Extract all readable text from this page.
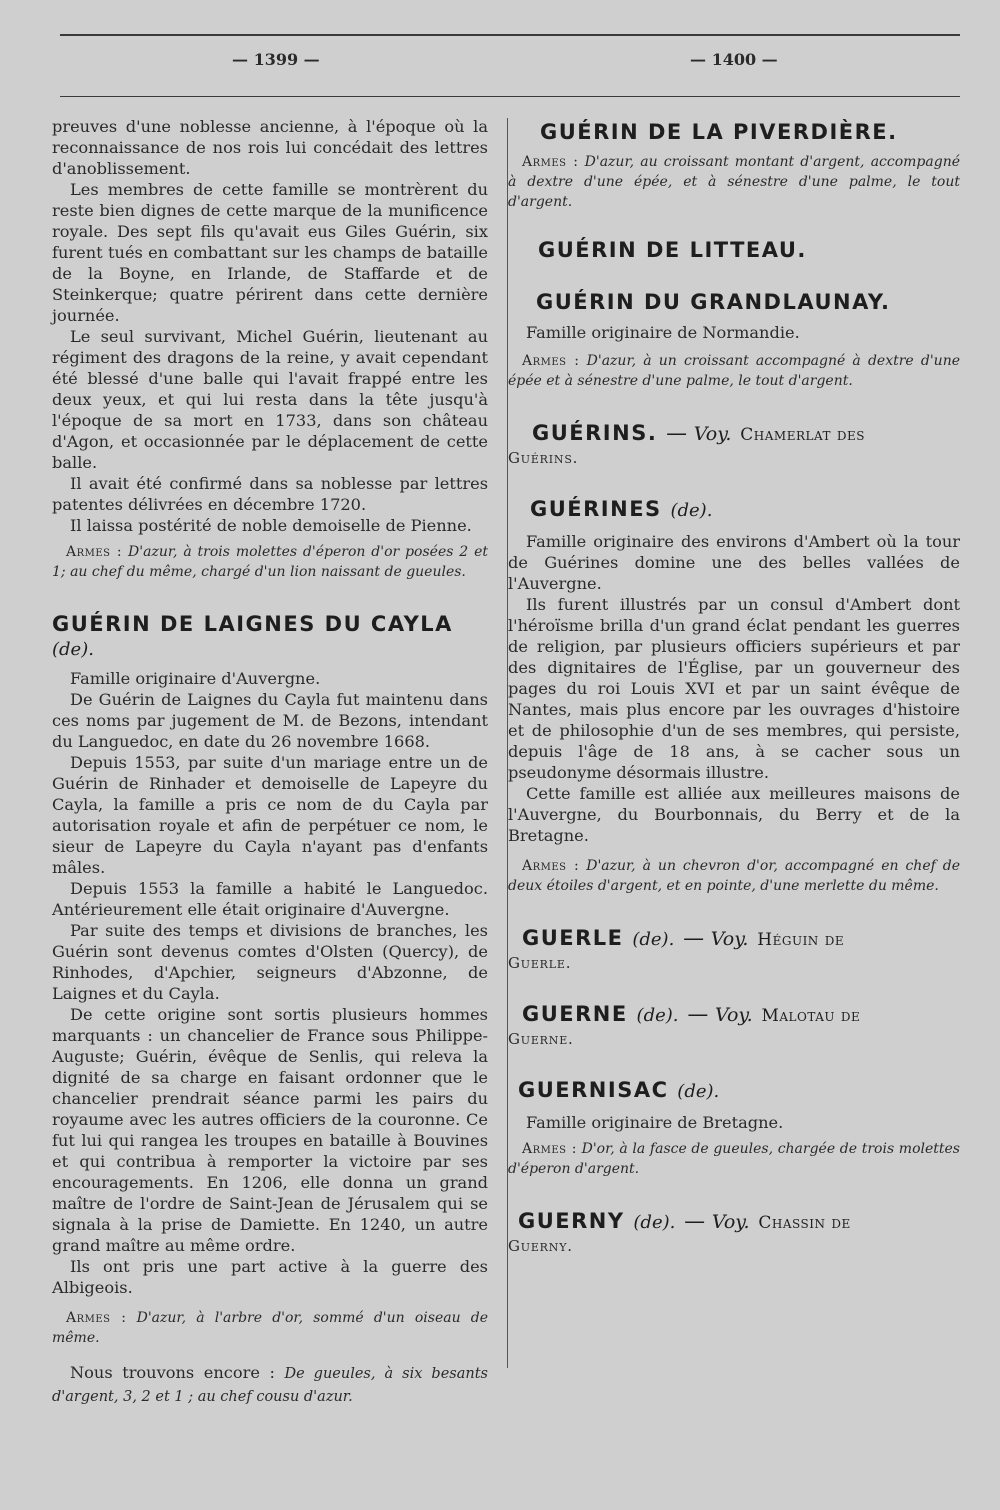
— 1399 —	— 1400 —

preuves d'une noblesse ancienne, à l'époque où la reconnaissance de nos rois lui concédait des lettres d'anoblissement.

Les membres de cette famille se montrèrent du reste bien dignes de cette marque de la munificence royale. Des sept fils qu'avait eus Giles Guérin, six furent tués en combattant sur les champs de bataille de la Boyne, en Irlande, de Staffarde et de Steinkerque; quatre périrent dans cette dernière journée.

Le seul survivant, Michel Guérin, lieutenant au régiment des dragons de la reine, y avait cependant été blessé d'une balle qui l'avait frappé entre les deux yeux, et qui lui resta dans la tête jusqu'à l'époque de sa mort en 1733, dans son château d'Agon, et occasionnée par le déplacement de cette balle.

Il avait été confirmé dans sa noblesse par lettres patentes délivrées en décembre 1720.

Il laissa postérité de noble demoiselle de Pienne.

Armes : D'azur, à trois molettes d'éperon d'or posées 2 et 1; au chef du même, chargé d'un lion naissant de gueules.
GUÉRIN DE LAIGNES DU CAYLA (de).

Famille originaire d'Auvergne.

De Guérin de Laignes du Cayla fut maintenu dans ces noms par jugement de M. de Bezons, intendant du Languedoc, en date du 26 novembre 1668.

Depuis 1553, par suite d'un mariage entre un de Guérin de Rinhader et demoiselle de Lapeyre du Cayla, la famille a pris ce nom de du Cayla par autorisation royale et afin de perpétuer ce nom, le sieur de Lapeyre du Cayla n'ayant pas d'enfants mâles.

Depuis 1553 la famille a habité le Languedoc. Antérieurement elle était originaire d'Auvergne.

Par suite des temps et divisions de branches, les Guérin sont devenus comtes d'Olsten (Quercy), de Rinhodes, d'Apchier, seigneurs d'Abzonne, de Laignes et du Cayla.

De cette origine sont sortis plusieurs hommes marquants : un chancelier de France sous Philippe-Auguste; Guérin, évêque de Senlis, qui releva la dignité de sa charge en faisant ordonner que le chancelier prendrait séance parmi les pairs du royaume avec les autres officiers de la couronne. Ce fut lui qui rangea les troupes en bataille à Bouvines et qui contribua à remporter la victoire par ses encouragements. En 1206, elle donna un grand maître de l'ordre de Saint-Jean de Jérusalem qui se signala à la prise de Damiette. En 1240, un autre grand maître au même ordre.

Ils ont pris une part active à la guerre des Albigeois.

Armes : D'azur, à l'arbre d'or, sommé d'un oiseau de même.

Nous trouvons encore : De gueules, à six besants d'argent, 3, 2 et 1 ; au chef cousu d'azur.

GUÉRIN DE LA PIVERDIÈRE.
Armes : D'azur, au croissant montant d'argent, accompagné à dextre d'une épée, et à sénestre d'une palme, le tout d'argent.
GUÉRIN DE LITTEAU.
GUÉRIN DU GRANDLAUNAY.

Famille originaire de Normandie.

Armes : D'azur, à un croissant accompagné à dextre d'une épée et à sénestre d'une palme, le tout d'argent.
GUÉRINS. — Voy. Chamerlat des
Guérins.
GUÉRINES (de).

Famille originaire des environs d'Ambert où la tour de Guérines domine une des belles vallées de l'Auvergne.

Ils furent illustrés par un consul d'Ambert dont l'héroïsme brilla d'un grand éclat pendant les guerres de religion, par plusieurs officiers supérieurs et par des dignitaires de l'Église, par un gouverneur des pages du roi Louis XVI et par un saint évêque de Nantes, mais plus encore par les ouvrages d'histoire et de philosophie d'un de ses membres, qui persiste, depuis l'âge de 18 ans, à se cacher sous un pseudonyme désormais illustre.

Cette famille est alliée aux meilleures maisons de l'Auvergne, du Bourbonnais, du Berry et de la Bretagne.

Armes : D'azur, à un chevron d'or, accompagné en chef de deux étoiles d'argent, et en pointe, d'une merlette du même.
GUERLE (de). — Voy. Héguin de
Guerle.
GUERNE (de). — Voy. Malotau de
Guerne.
GUERNISAC (de).

Famille originaire de Bretagne.

Armes : D'or, à la fasce de gueules, chargée de trois molettes d'éperon d'argent.
GUERNY (de). — Voy. Chassin de
Guerny.
